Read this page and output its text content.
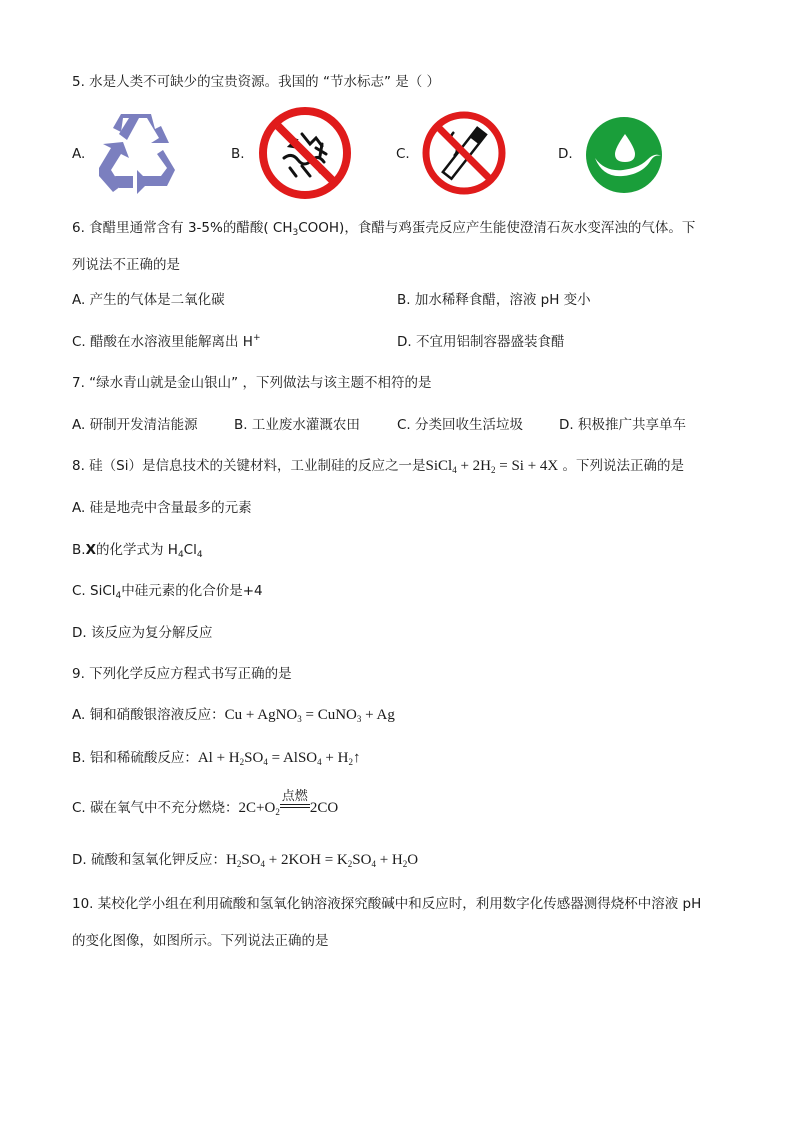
5. 水是人类不可缺少的宝贵资源。我国的 “节水标志” 是（ ）
A.	B.	C.	D.
6. 食醋里通常含有 3-5%的醋酸( $CH_3COOH$)，食醋与鸡蛋壳反应产生能使澄清石灰水变浑浊的气体。下
列说法不正确的是
A. 产生的气体是二氧化碳	B. 加水稀释食醋，溶液 pH 变小
C. 醋酸在水溶液里能解离出 H+	D. 不宜用铝制容器盛装食醋
7. “绿水青山就是金山银山” ，下列做法与该主题不相符的是
A. 研制开发清洁能源	B. 工业废水灌溉农田	C. 分类回收生活垃圾	D. 积极推广共享单车
8. 硅（Si）是信息技术的关键材料，工业制硅的反应之一是SiCl$_4$ + $2H_2 = Si + 4X$ 。下列说法正确的是
A. 硅是地壳中含量最多的元素
B.X的化学式为 $H_4Cl_4$
C. SiCl$_4$中硅元素的化合价是+4
D. 该反应为复分解反应
9. 下列化学反应方程式书写正确的是
A. 铜和硝酸银溶液反应：Cu + AgNO$_3$ = CuNO$_3$ + Ag
B. 铝和稀硫酸反应：$Al + H_2SO_4$ = AlSO$_4$ + $H_2↑$
C. 碳在氧气中不充分燃烧：$2C+O_2$
点燃
2CO
D. 硫酸和氢氧化钾反应：$H_2SO_4 + 2KOH = K_2SO_4 + H_2O$
10. 某校化学小组在利用硫酸和氢氧化钠溶液探究酸碱中和反应时，利用数字化传感器测得烧杯中溶液 pH
的变化图像，如图所示。下列说法正确的是
